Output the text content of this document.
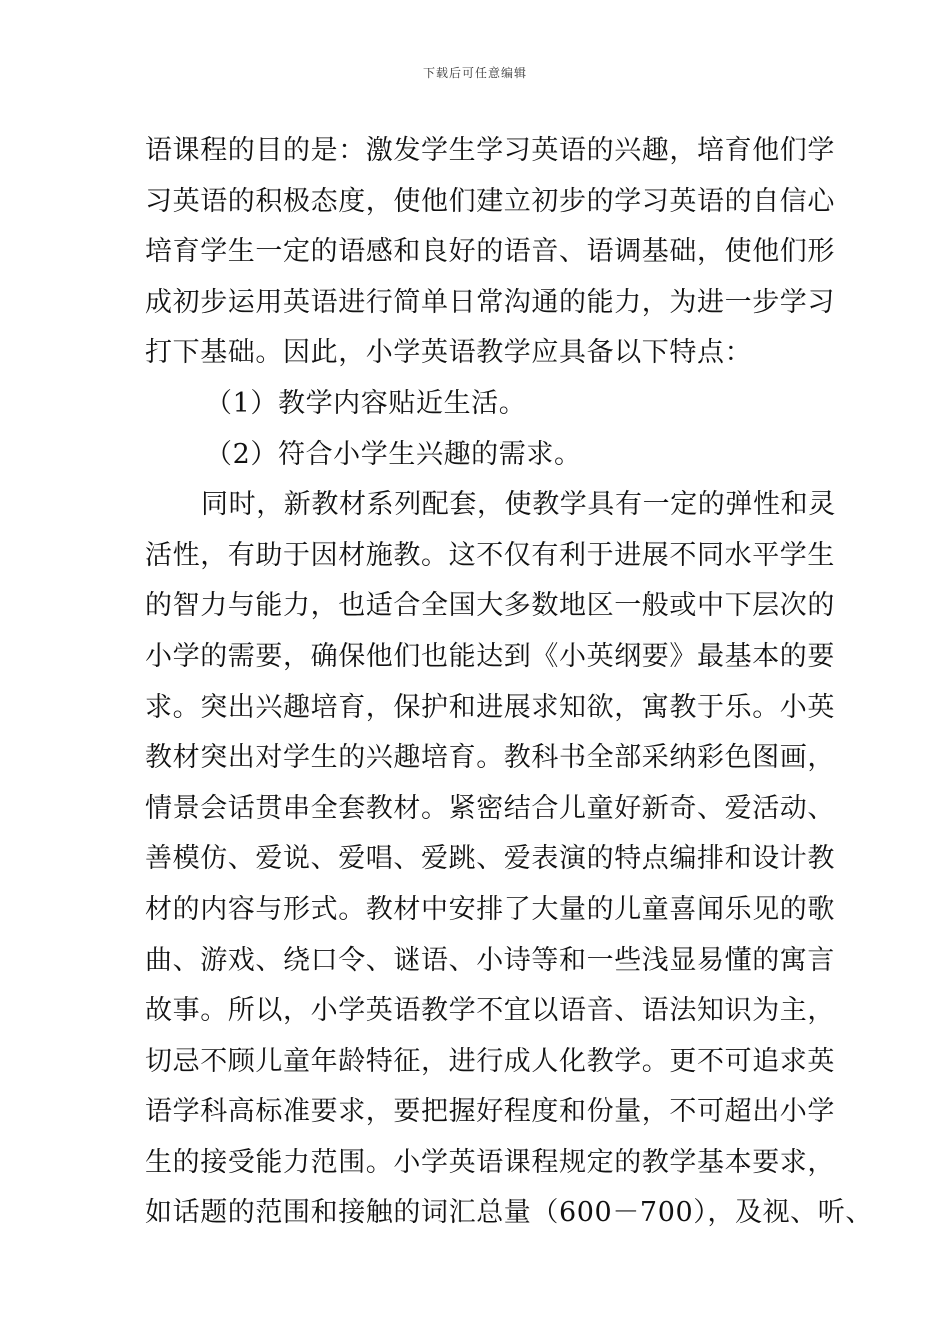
下载后可任意编辑
语课程的目的是：激发学生学习英语的兴趣，培育他们学
习英语的积极态度，使他们建立初步的学习英语的自信心
培育学生一定的语感和良好的语音、语调基础，使他们形
成初步运用英语进行简单日常沟通的能力，为进一步学习
打下基础。因此，小学英语教学应具备以下特点：
（1）教学内容贴近生活。
（2）符合小学生兴趣的需求。
同时，新教材系列配套，使教学具有一定的弹性和灵
活性，有助于因材施教。这不仅有利于进展不同水平学生
的智力与能力，也适合全国大多数地区一般或中下层次的
小学的需要，确保他们也能达到《小英纲要》最基本的要
求。突出兴趣培育，保护和进展求知欲，寓教于乐。小英
教材突出对学生的兴趣培育。教科书全部采纳彩色图画，
情景会话贯串全套教材。紧密结合儿童好新奇、爱活动、
善模仿、爱说、爱唱、爱跳、爱表演的特点编排和设计教
材的内容与形式。教材中安排了大量的儿童喜闻乐见的歌
曲、游戏、绕口令、谜语、小诗等和一些浅显易懂的寓言
故事。所以，小学英语教学不宜以语音、语法知识为主，
切忌不顾儿童年龄特征，进行成人化教学。更不可追求英
语学科高标准要求，要把握好程度和份量，不可超出小学
生的接受能力范围。小学英语课程规定的教学基本要求，
如话题的范围和接触的词汇总量（600－700），及视、听、
